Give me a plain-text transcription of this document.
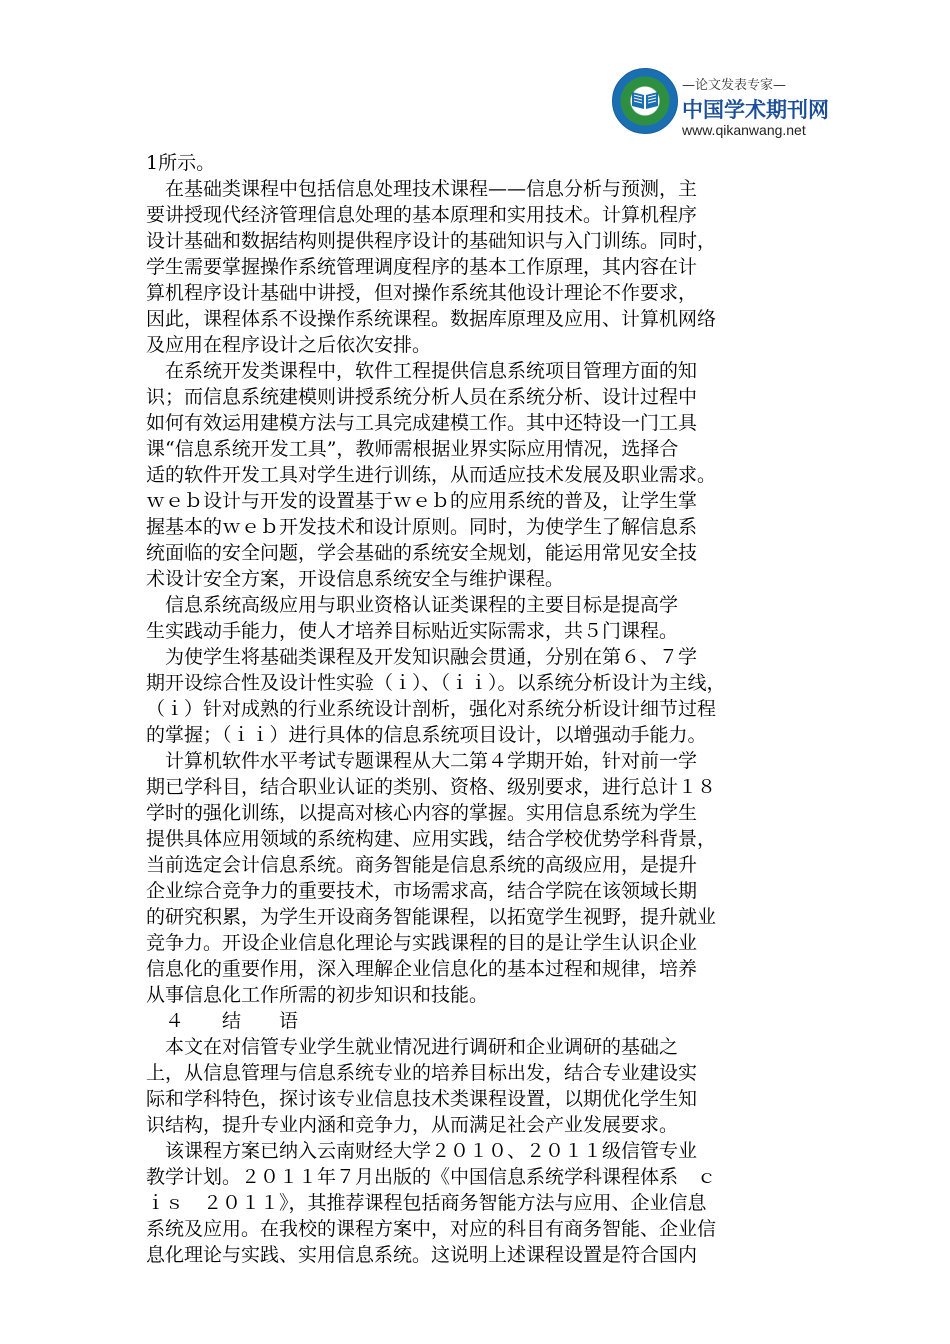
—论文发表专家—
中国学术期刊网
www.qikanwang.net
1所示。
　在基础类课程中包括信息处理技术课程——信息分析与预测，主
要讲授现代经济管理信息处理的基本原理和实用技术。计算机程序
设计基础和数据结构则提供程序设计的基础知识与入门训练。同时，
学生需要掌握操作系统管理调度程序的基本工作原理，其内容在计
算机程序设计基础中讲授，但对操作系统其他设计理论不作要求，
因此，课程体系不设操作系统课程。数据库原理及应用、计算机网络
及应用在程序设计之后依次安排。
　在系统开发类课程中，软件工程提供信息系统项目管理方面的知
识；而信息系统建模则讲授系统分析人员在系统分析、设计过程中
如何有效运用建模方法与工具完成建模工作。其中还特设一门工具
课“信息系统开发工具”，教师需根据业界实际应用情况，选择合
适的软件开发工具对学生进行训练，从而适应技术发展及职业需求。
ｗｅｂ设计与开发的设置基于ｗｅｂ的应用系统的普及，让学生掌
握基本的ｗｅｂ开发技术和设计原则。同时，为使学生了解信息系
统面临的安全问题，学会基础的系统安全规划，能运用常见安全技
术设计安全方案，开设信息系统安全与维护课程。
　信息系统高级应用与职业资格认证类课程的主要目标是提高学
生实践动手能力，使人才培养目标贴近实际需求，共５门课程。
　为使学生将基础类课程及开发知识融会贯通，分别在第６、７学
期开设综合性及设计性实验（ｉ）、（ｉｉ）。以系统分析设计为主线，
（ｉ）针对成熟的行业系统设计剖析，强化对系统分析设计细节过程
的掌握；（ｉｉ）进行具体的信息系统项目设计，以增强动手能力。
　计算机软件水平考试专题课程从大二第４学期开始，针对前一学
期已学科目，结合职业认证的类别、资格、级别要求，进行总计１８
学时的强化训练，以提高对核心内容的掌握。实用信息系统为学生
提供具体应用领域的系统构建、应用实践，结合学校优势学科背景，
当前选定会计信息系统。商务智能是信息系统的高级应用，是提升
企业综合竞争力的重要技术，市场需求高，结合学院在该领域长期
的研究积累，为学生开设商务智能课程，以拓宽学生视野，提升就业
竞争力。开设企业信息化理论与实践课程的目的是让学生认识企业
信息化的重要作用，深入理解企业信息化的基本过程和规律，培养
从事信息化工作所需的初步知识和技能。
　４　　结　　语
　本文在对信管专业学生就业情况进行调研和企业调研的基础之
上，从信息管理与信息系统专业的培养目标出发，结合专业建设实
际和学科特色，探讨该专业信息技术类课程设置，以期优化学生知
识结构，提升专业内涵和竞争力，从而满足社会产业发展要求。
　该课程方案已纳入云南财经大学２０１０、２０１１级信管专业
教学计划。２０１１年７月出版的《中国信息系统学科课程体系　ｃ
ｉｓ　２０１１》，其推荐课程包括商务智能方法与应用、企业信息
系统及应用。在我校的课程方案中，对应的科目有商务智能、企业信
息化理论与实践、实用信息系统。这说明上述课程设置是符合国内
